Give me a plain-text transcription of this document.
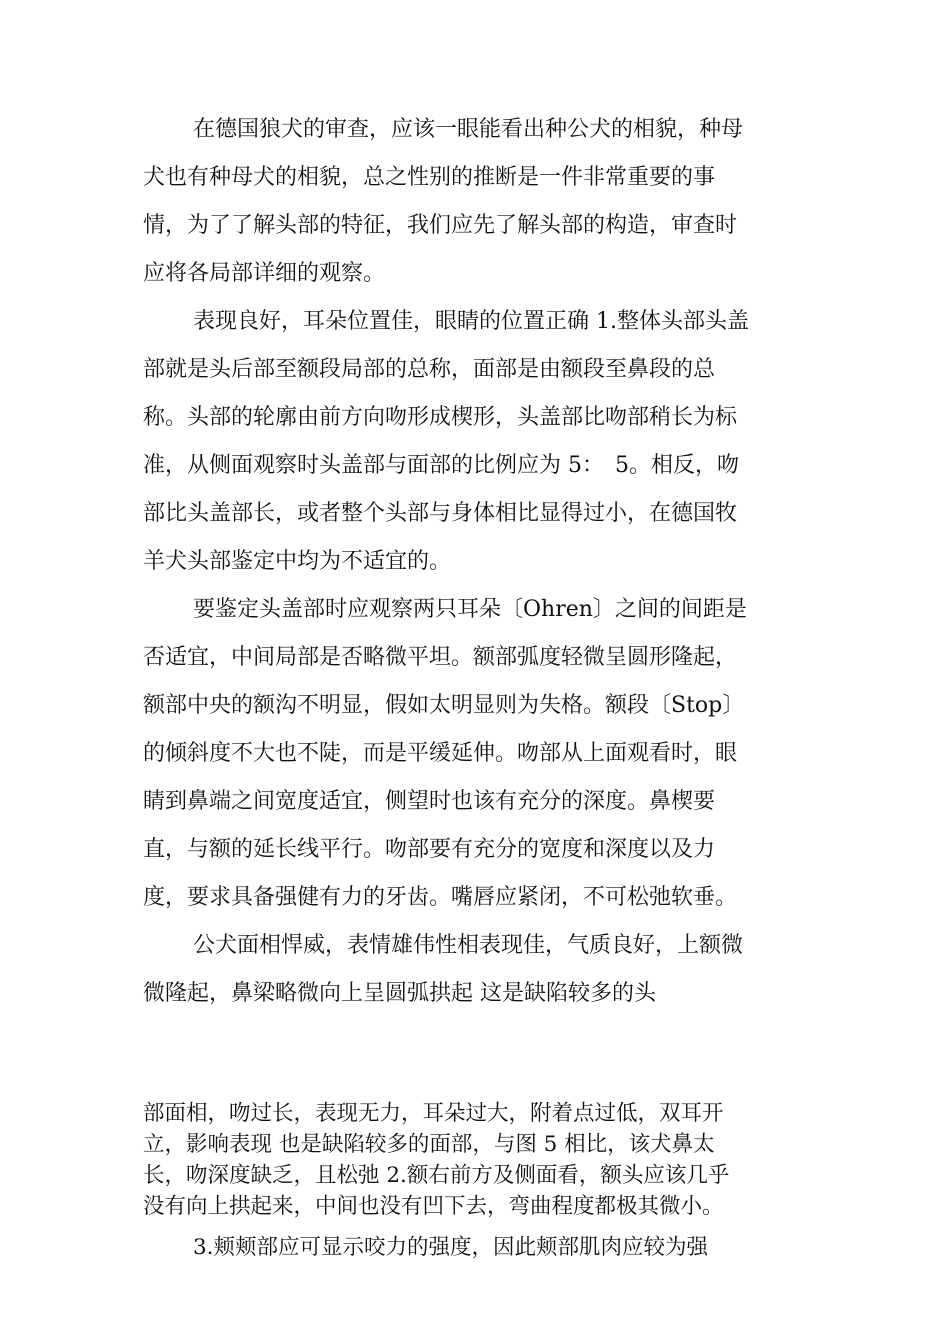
在德国狼犬的审查，应该一眼能看出种公犬的相貌，种母
犬也有种母犬的相貌，总之性别的推断是一件非常重要的事
情，为了了解头部的特征，我们应先了解头部的构造，审查时
应将各局部详细的观察。

表现良好，耳朵位置佳，眼睛的位置正确 1.整体头部头盖
部就是头后部至额段局部的总称，面部是由额段至鼻段的总
称。头部的轮廓由前方向吻形成楔形，头盖部比吻部稍长为标
准，从侧面观察时头盖部与面部的比例应为 5：　5。相反，吻
部比头盖部长，或者整个头部与身体相比显得过小，在德国牧
羊犬头部鉴定中均为不适宜的。

要鉴定头盖部时应观察两只耳朵〔Ohren〕之间的间距是
否适宜，中间局部是否略微平坦。额部弧度轻微呈圆形隆起，
额部中央的额沟不明显，假如太明显则为失格。额段〔Stop〕
的倾斜度不大也不陡，而是平缓延伸。吻部从上面观看时，眼
睛到鼻端之间宽度适宜，侧望时也该有充分的深度。鼻楔要
直，与额的延长线平行。吻部要有充分的宽度和深度以及力
度，要求具备强健有力的牙齿。嘴唇应紧闭，不可松弛软垂。

公犬面相悍威，表情雄伟性相表现佳，气质良好，上额微
微隆起，鼻梁略微向上呈圆弧拱起 这是缺陷较多的头

部面相，吻过长，表现无力，耳朵过大，附着点过低，双耳开
立，影响表现 也是缺陷较多的面部，与图 5 相比，该犬鼻太
长，吻深度缺乏，且松弛 2.额右前方及侧面看，额头应该几乎
没有向上拱起来，中间也没有凹下去，弯曲程度都极其微小。

3.颊颊部应可显示咬力的强度，因此颊部肌肉应较为强
